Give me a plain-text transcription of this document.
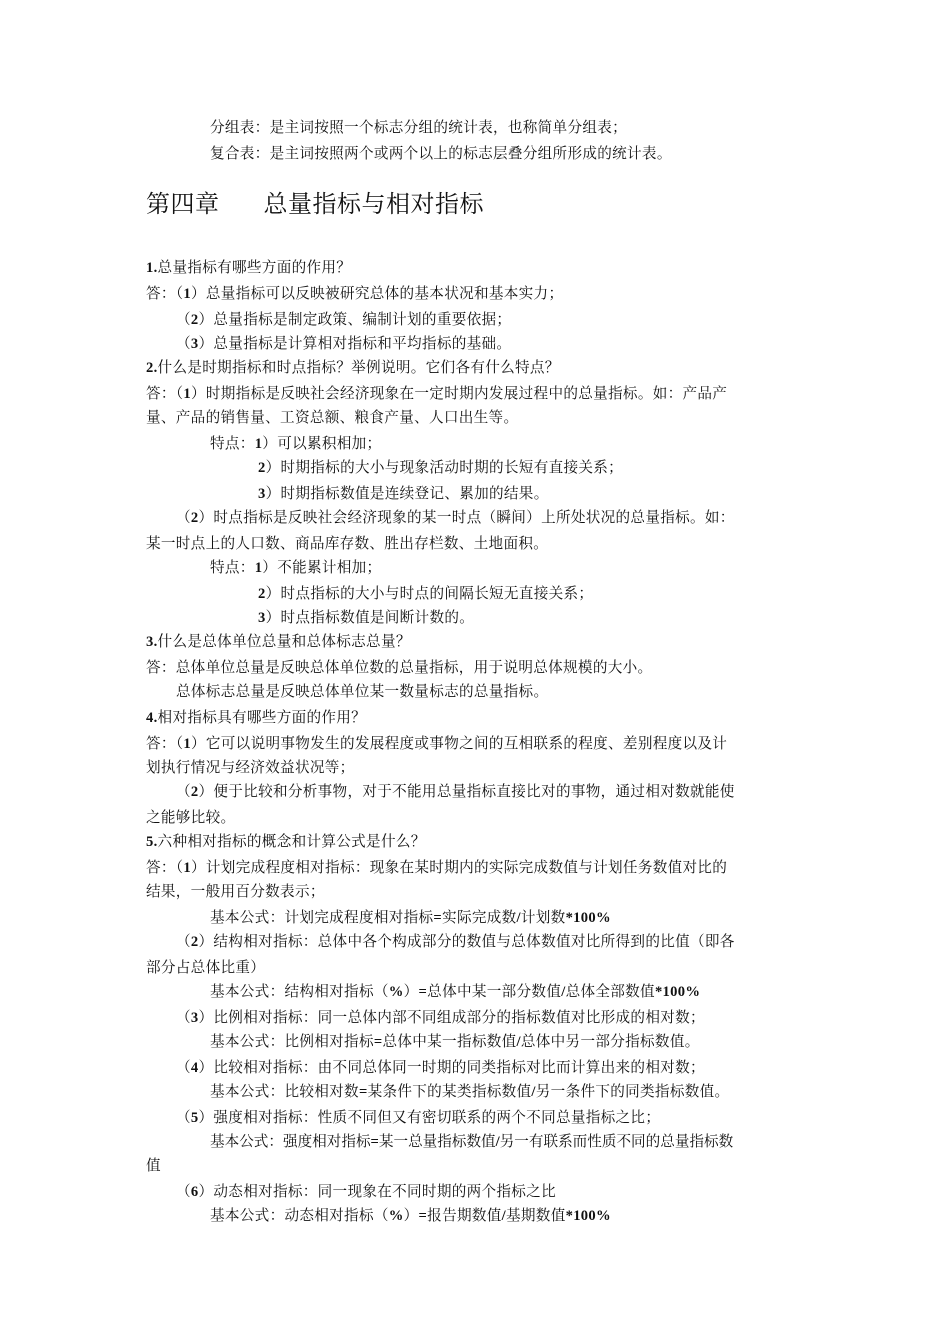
分组表：是主词按照一个标志分组的统计表，也称简单分组表；
复合表：是主词按照两个或两个以上的标志层叠分组所形成的统计表。
第四章 总量指标与相对指标
1.总量指标有哪些方面的作用？
答：（1）总量指标可以反映被研究总体的基本状况和基本实力；
（2）总量指标是制定政策、编制计划的重要依据；
（3）总量指标是计算相对指标和平均指标的基础。
2.什么是时期指标和时点指标？举例说明。它们各有什么特点？
答：（1）时期指标是反映社会经济现象在一定时期内发展过程中的总量指标。如：产品产
量、产品的销售量、工资总额、粮食产量、人口出生等。
特点：1）可以累积相加；
2）时期指标的大小与现象活动时期的长短有直接关系；
3）时期指标数值是连续登记、累加的结果。
（2）时点指标是反映社会经济现象的某一时点（瞬间）上所处状况的总量指标。如：
某一时点上的人口数、商品库存数、胜出存栏数、土地面积。
特点：1）不能累计相加；
2）时点指标的大小与时点的间隔长短无直接关系；
3）时点指标数值是间断计数的。
3.什么是总体单位总量和总体标志总量？
答：总体单位总量是反映总体单位数的总量指标，用于说明总体规模的大小。
总体标志总量是反映总体单位某一数量标志的总量指标。
4.相对指标具有哪些方面的作用？
答：（1）它可以说明事物发生的发展程度或事物之间的互相联系的程度、差别程度以及计
划执行情况与经济效益状况等；
（2）便于比较和分析事物，对于不能用总量指标直接比对的事物，通过相对数就能使
之能够比较。
5.六种相对指标的概念和计算公式是什么？
答：（1）计划完成程度相对指标：现象在某时期内的实际完成数值与计划任务数值对比的
结果，一般用百分数表示；
基本公式：计划完成程度相对指标=实际完成数/计划数*100%
（2）结构相对指标：总体中各个构成部分的数值与总体数值对比所得到的比值（即各
部分占总体比重）
基本公式：结构相对指标（%）=总体中某一部分数值/总体全部数值*100%
（3）比例相对指标：同一总体内部不同组成部分的指标数值对比形成的相对数；
基本公式：比例相对指标=总体中某一指标数值/总体中另一部分指标数值。
（4）比较相对指标：由不同总体同一时期的同类指标对比而计算出来的相对数；
基本公式：比较相对数=某条件下的某类指标数值/另一条件下的同类指标数值。
（5）强度相对指标：性质不同但又有密切联系的两个不同总量指标之比；
基本公式：强度相对指标=某一总量指标数值/另一有联系而性质不同的总量指标数
值
（6）动态相对指标：同一现象在不同时期的两个指标之比
基本公式：动态相对指标（%）=报告期数值/基期数值*100%
